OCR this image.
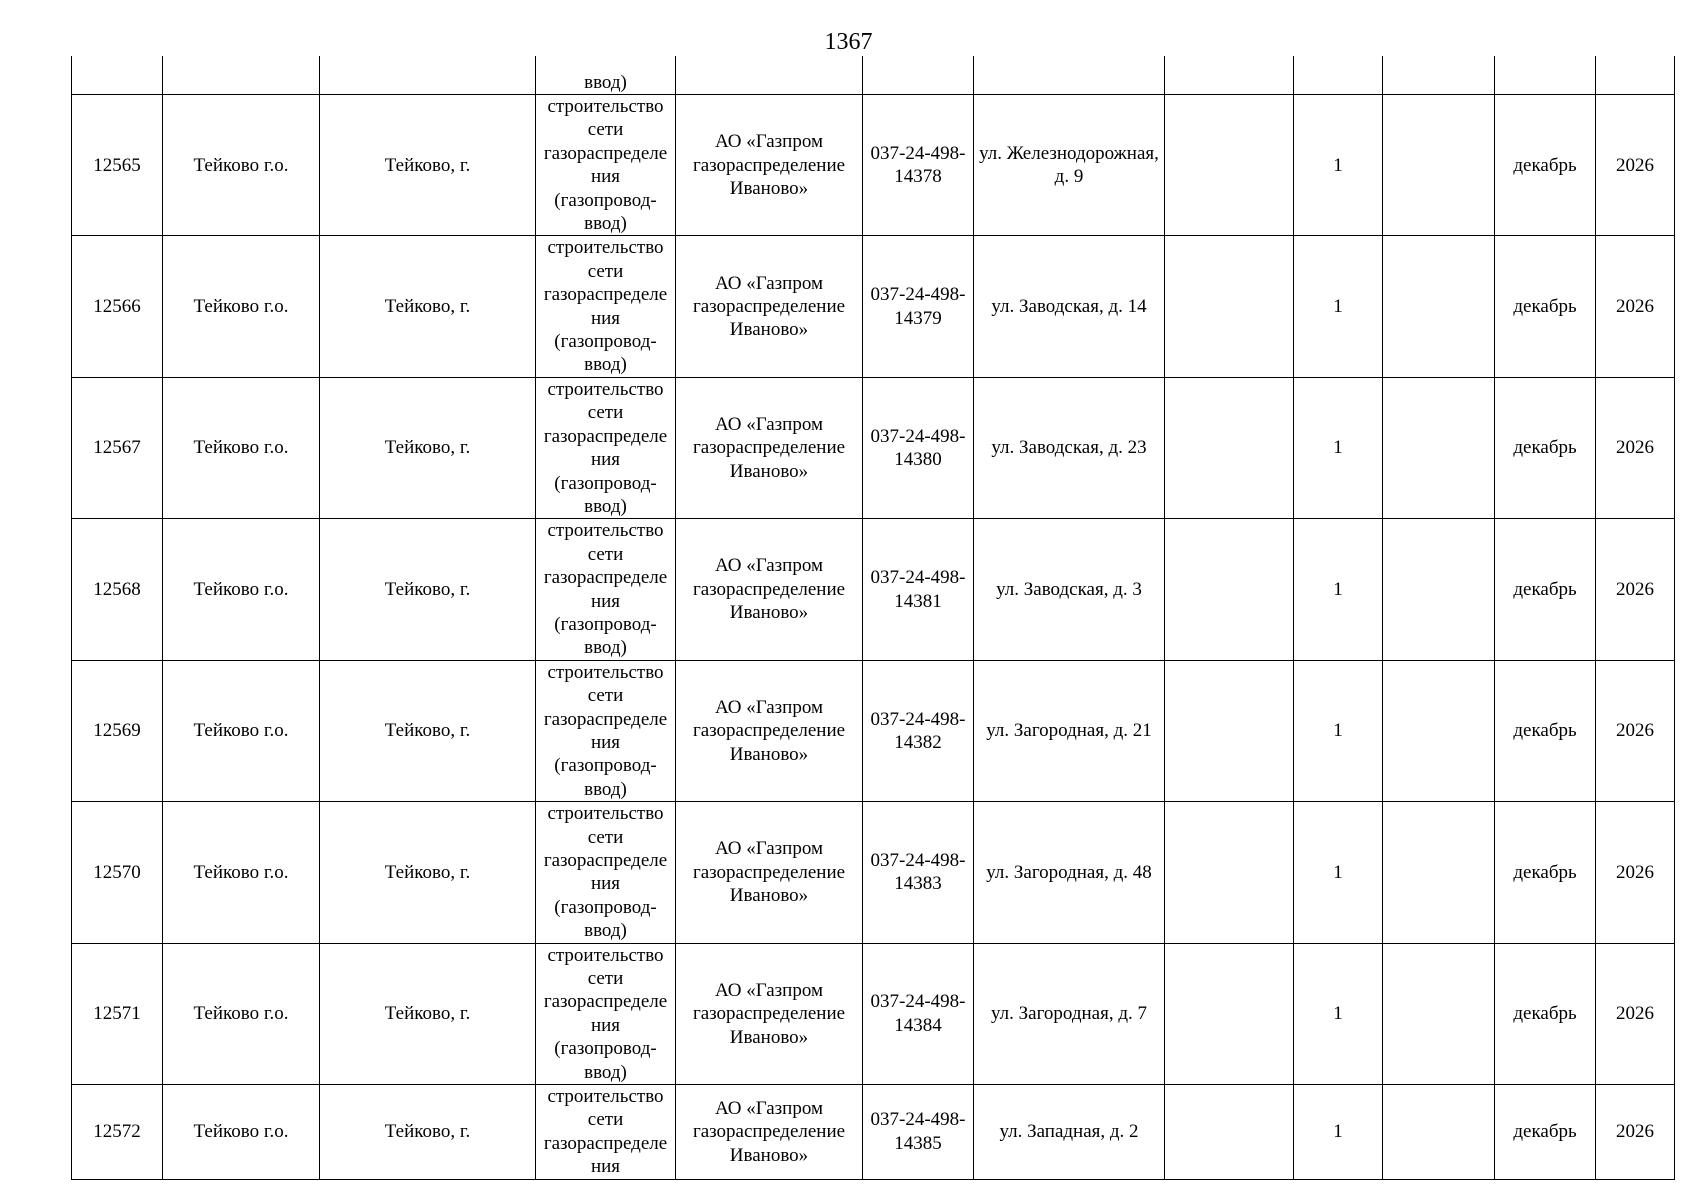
1367
			ввод)								
12565	Тейково г.о.	Тейково, г.	строительство сети газораспределения (газопровод-ввод)	АО «Газпром газораспределение Иваново»	037-24-498-14378	ул. Железнодорожная, д. 9		1		декабрь	2026
12566	Тейково г.о.	Тейково, г.	строительство сети газораспределения (газопровод-ввод)	АО «Газпром газораспределение Иваново»	037-24-498-14379	ул. Заводская, д. 14		1		декабрь	2026
12567	Тейково г.о.	Тейково, г.	строительство сети газораспределения (газопровод-ввод)	АО «Газпром газораспределение Иваново»	037-24-498-14380	ул. Заводская, д. 23		1		декабрь	2026
12568	Тейково г.о.	Тейково, г.	строительство сети газораспределения (газопровод-ввод)	АО «Газпром газораспределение Иваново»	037-24-498-14381	ул. Заводская, д. 3		1		декабрь	2026
12569	Тейково г.о.	Тейково, г.	строительство сети газораспределения (газопровод-ввод)	АО «Газпром газораспределение Иваново»	037-24-498-14382	ул. Загородная, д. 21		1		декабрь	2026
12570	Тейково г.о.	Тейково, г.	строительство сети газораспределения (газопровод-ввод)	АО «Газпром газораспределение Иваново»	037-24-498-14383	ул. Загородная, д. 48		1		декабрь	2026
12571	Тейково г.о.	Тейково, г.	строительство сети газораспределения (газопровод-ввод)	АО «Газпром газораспределение Иваново»	037-24-498-14384	ул. Загородная, д. 7		1		декабрь	2026
12572	Тейково г.о.	Тейково, г.	строительство сети газораспределения	АО «Газпром газораспределение Иваново»	037-24-498-14385	ул. Западная, д. 2		1		декабрь	2026
